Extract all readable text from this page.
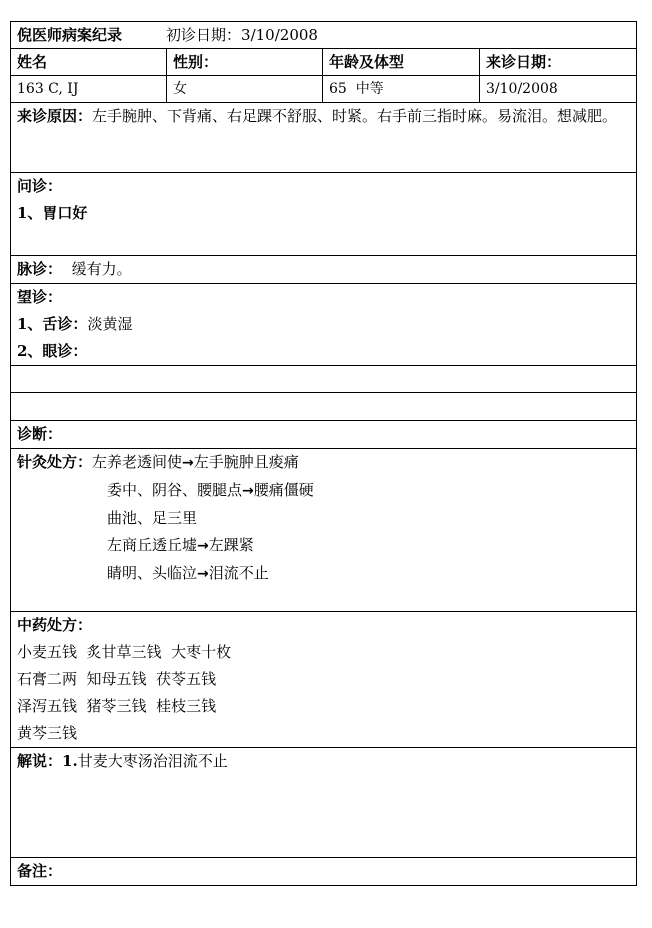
倪医师病案纪录 初诊日期：3/10/2008			
姓名	性别：	年龄及体型	来诊日期：
163 C, IJ	女	65 中等	3/10/2008
来诊原因：左手腕肿、下背痛、右足踝不舒服、时紧。右手前三指时麻。易流泪。想减肥。			

问诊：
1、胃口好			

脉诊： 缓有力。			

望诊：
1、舌诊：淡黄湿
2、眼诊：			

诊断：			

针灸处方：左养老透间使→左手腕肿且痠痛
委中、阴谷、腰腿点→腰痛僵硬
曲池、足三里
左商丘透丘墟→左踝紧
睛明、头临泣→泪流不止			

中药处方：
小麦五钱  炙甘草三钱  大枣十枚
石膏二两  知母五钱  茯苓五钱
泽泻五钱  猪苓三钱  桂枝三钱
黄芩三钱			

解说：1.甘麦大枣汤治泪流不止			
备注：			
